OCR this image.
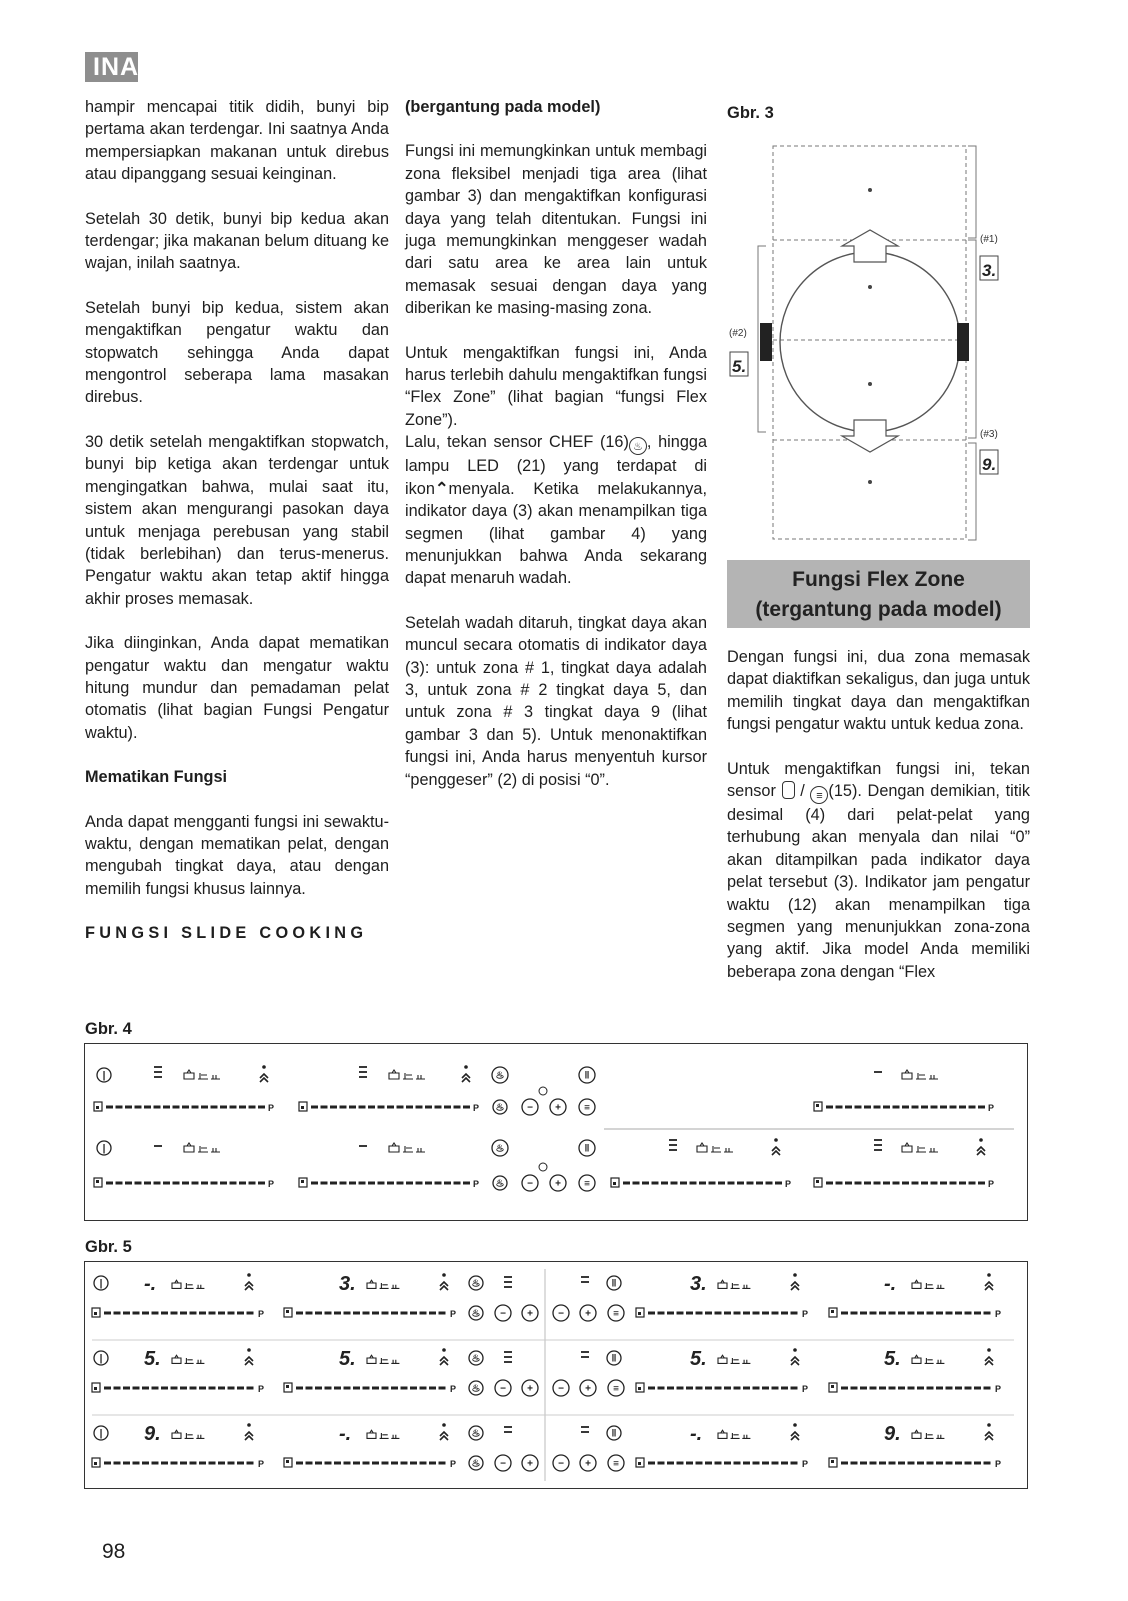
INA

hampir mencapai titik didih, bunyi bip pertama akan terdengar. Ini saatnya Anda mempersiapkan makanan untuk direbus atau dipanggang sesuai keinginan.

Setelah 30 detik, bunyi bip kedua akan terdengar; jika makanan belum dituang ke wajan, inilah saatnya.

Setelah bunyi bip kedua, sistem akan mengaktifkan pengatur waktu dan stopwatch sehingga Anda dapat mengontrol seberapa lama masakan direbus.

30 detik setelah mengaktifkan stopwatch, bunyi bip ketiga akan terdengar untuk mengingatkan bahwa, mulai saat itu, sistem akan mengurangi pasokan daya untuk menjaga perebusan yang stabil (tidak berlebihan) dan terus-menerus. Pengatur waktu akan tetap aktif hingga akhir proses memasak.

Jika diinginkan, Anda dapat mematikan pengatur waktu dan mengatur waktu hitung mundur dan pemadaman pelat otomatis (lihat bagian Fungsi Pengatur waktu).

Mematikan Fungsi

Anda dapat mengganti fungsi ini sewaktu-waktu, dengan mematikan pelat, dengan mengubah tingkat daya, atau dengan memilih fungsi khusus lainnya.

FUNGSI SLIDE COOKING

(bergantung pada model)

Fungsi ini memungkinkan untuk membagi zona fleksibel menjadi tiga area (lihat gambar 3) dan mengaktifkan konfigurasi daya yang telah ditentukan. Fungsi ini juga memungkinkan menggeser wadah dari satu area ke area lain untuk memasak sesuai dengan daya yang diberikan ke masing-masing zona.

Untuk mengaktifkan fungsi ini, Anda harus terlebih dahulu mengaktifkan fungsi “Flex Zone” (lihat bagian “fungsi Flex Zone”).

Lalu, tekan sensor CHEF (16) ♨ , hingga lampu LED (21) yang terdapat di ikon⌃menyala. Ketika melakukannya, indikator daya (3) akan menampilkan tiga segmen (lihat gambar 4) yang menunjukkan bahwa Anda sekarang dapat menaruh wadah.

Setelah wadah ditaruh, tingkat daya akan muncul secara otomatis di indikator daya (3): untuk zona # 1, tingkat daya adalah 3, untuk zona # 2 tingkat daya 5, dan untuk zona # 3 tingkat daya 9 (lihat gambar 3 dan 5). Untuk menonaktifkan fungsi ini, Anda harus menyentuh kursor “penggeser” (2) di posisi “0”.

Gbr. 3
(#1)
(#2)
(#3)
3.
5.
9.
Fungsi Flex Zone
(tergantung pada model)

Dengan fungsi ini, dua zona memasak dapat diaktifkan sekaligus, dan juga untuk memilih tingkat daya dan mengaktifkan fungsi pengatur waktu untuk kedua zona.

Untuk mengaktifkan fungsi ini, tekan sensor / ≡ (15). Dengan demikian, titik desimal (4) dari pelat-pelat yang terhubung akan menyala dan nilai “0” akan ditampilkan pada indikator daya pelat tersebut (3). Indikator jam pengatur waktu (12) akan menampilkan tiga segmen yang menunjukkan zona-zona yang aktif. Jika model Anda memiliki beberapa zona dengan “Flex

Gbr. 4
|
P	P
♨
♨ − +
‖
≡	P
|
P	P
♨
♨ − +
‖
≡	P	P
Gbr. 5
|	‖
-.
P
3.
P
3.
P
-.
P
♨
♨ − +	− + ≡
|	‖
5.
P
5.
P
5.
P
5.
P
♨
♨ − +	− + ≡
|	‖
9.
P
-.
P
-.
P
9.
P
♨
♨ − +	− + ≡
98
